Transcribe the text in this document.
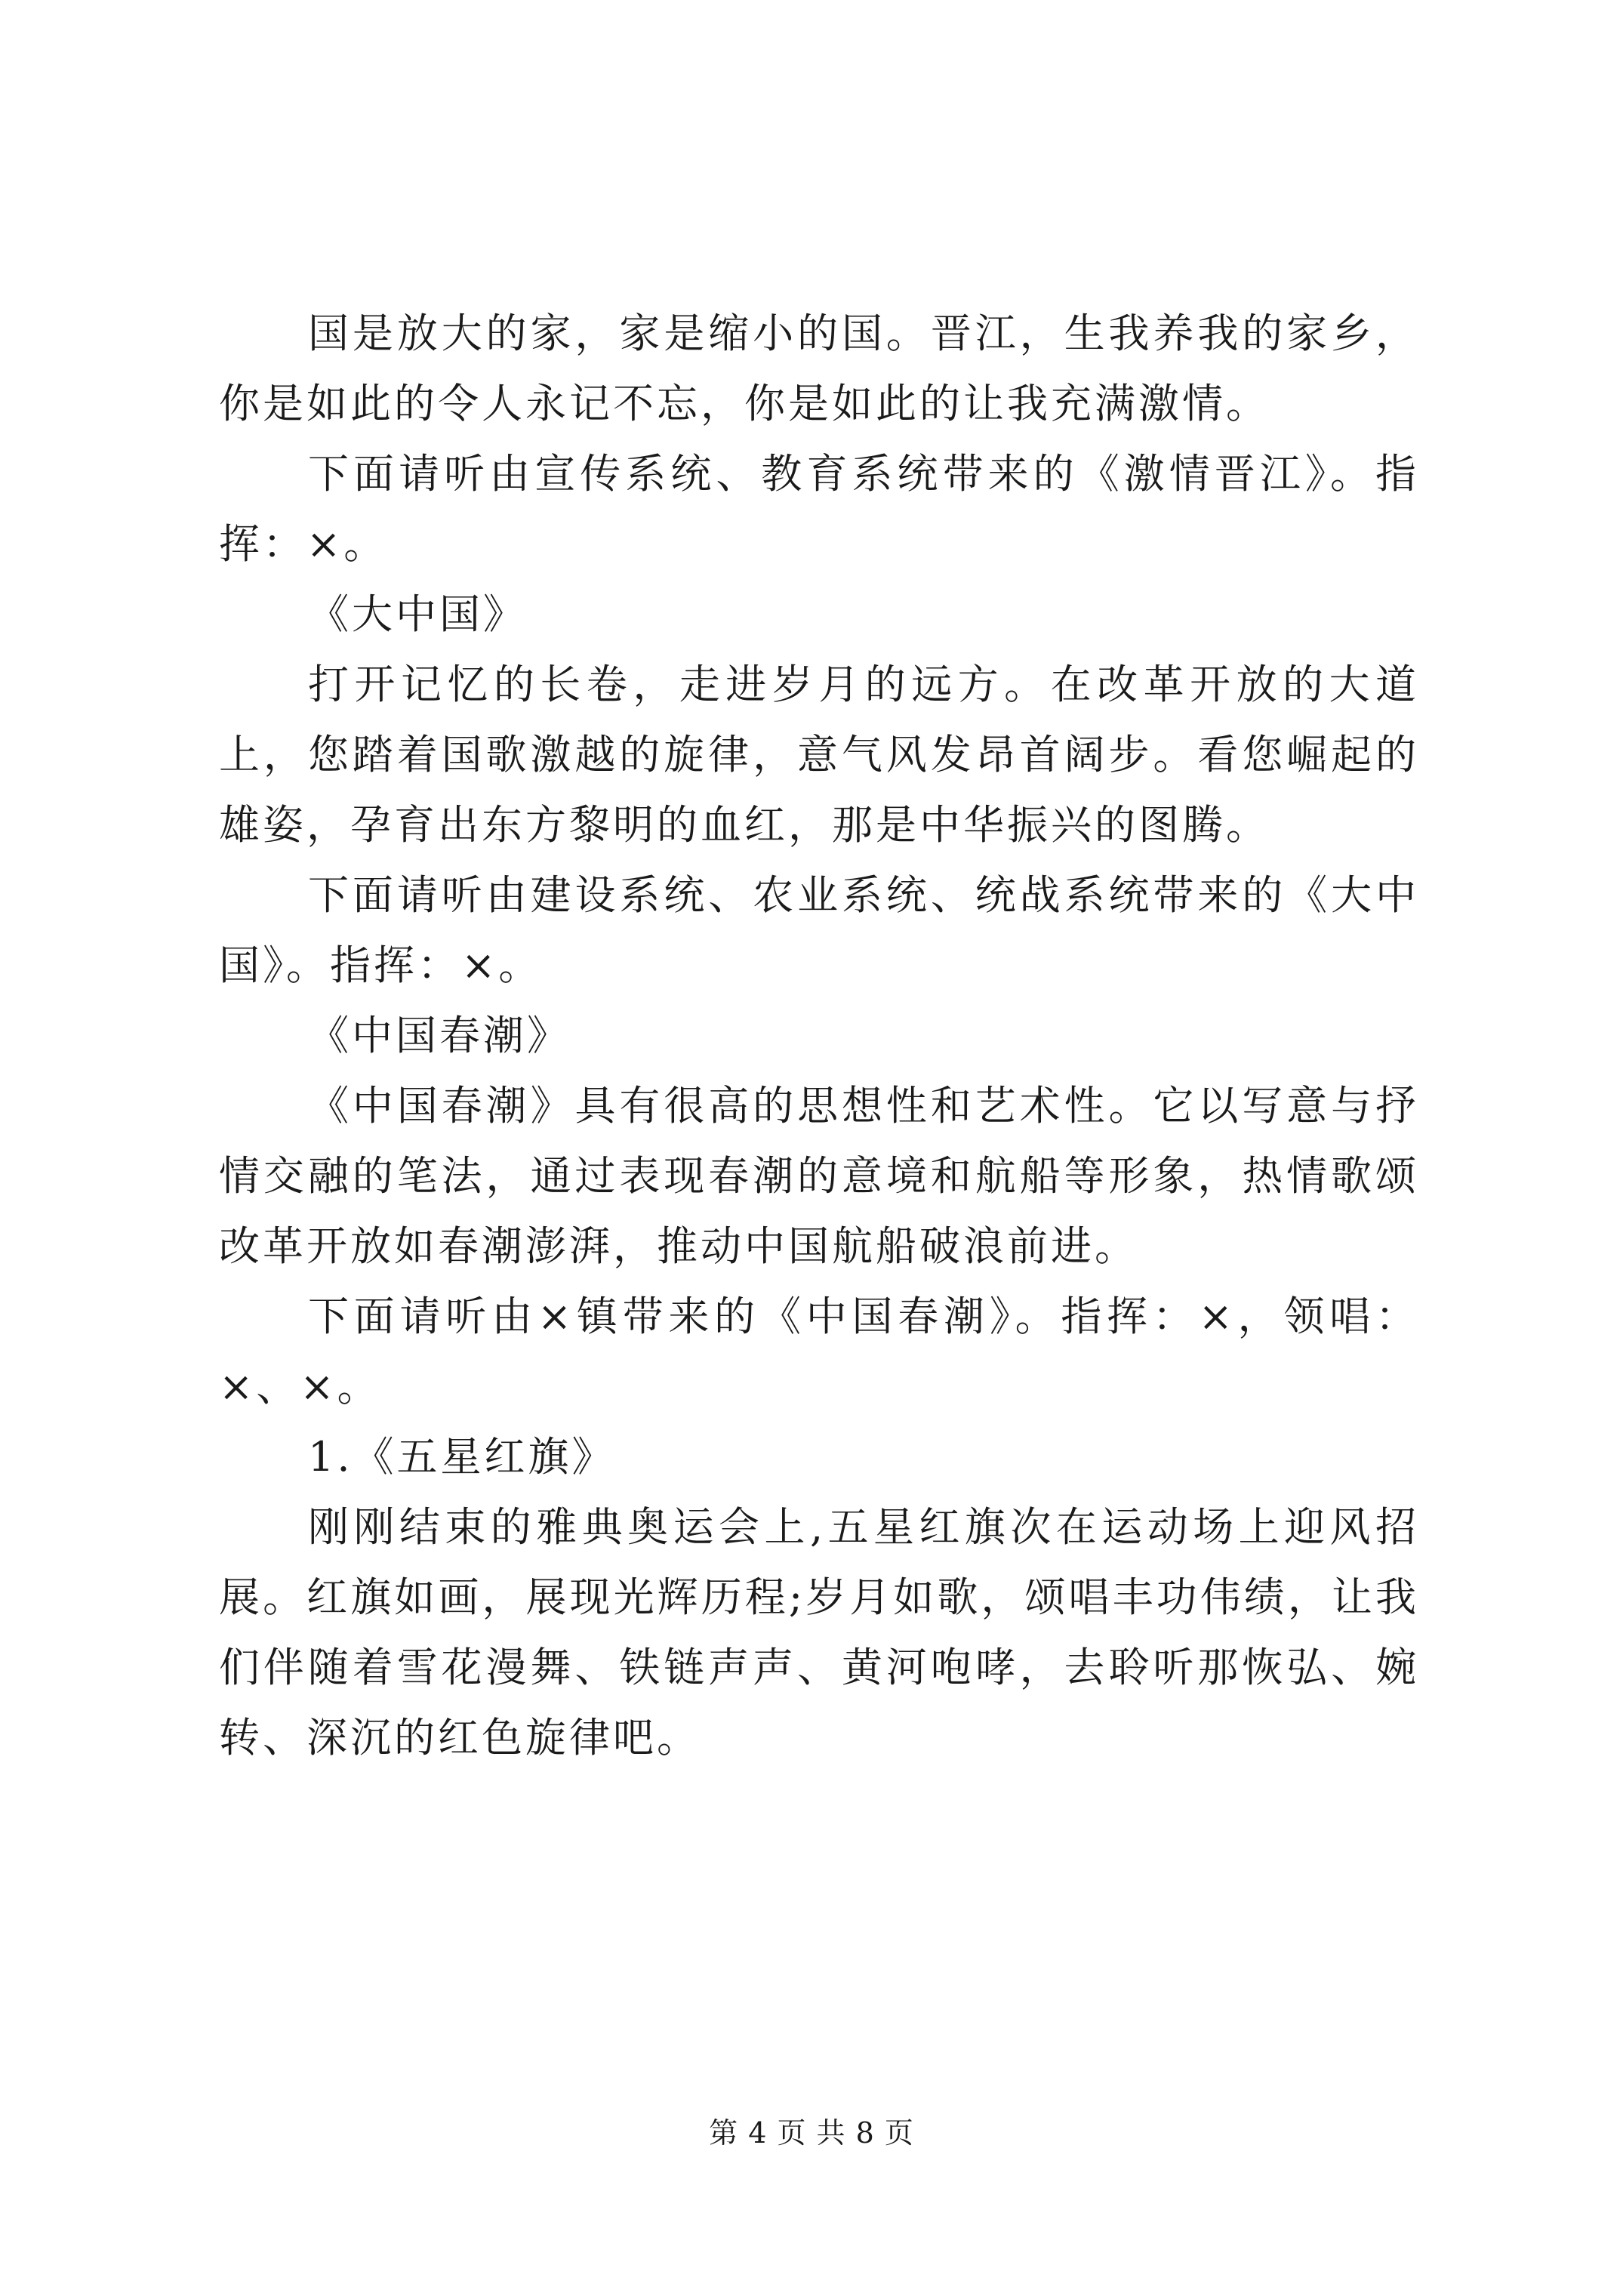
国是放大的家，家是缩小的国。晋江，生我养我的家乡，你是如此的令人永记不忘，你是如此的让我充满激情。

下面请听由宣传系统、教育系统带来的《激情晋江》。指挥：×。

《大中国》

打开记忆的长卷，走进岁月的远方。在改革开放的大道上，您踏着国歌激越的旋律，意气风发昂首阔步。看您崛起的雄姿，孕育出东方黎明的血红，那是中华振兴的图腾。

下面请听由建设系统、农业系统、统战系统带来的《大中国》。指挥：×。

《中国春潮》

《中国春潮》具有很高的思想性和艺术性。它以写意与抒情交融的笔法，通过表现春潮的意境和航船等形象，热情歌颂改革开放如春潮澎湃，推动中国航船破浪前进。

下面请听由×镇带来的《中国春潮》。指挥：×，领唱：×、×。

1.《五星红旗》

刚刚结束的雅典奥运会上,五星红旗次在运动场上迎风招展。红旗如画，展现光辉历程;岁月如歌，颂唱丰功伟绩，让我们伴随着雪花漫舞、铁链声声、黄河咆哮，去聆听那恢弘、婉转、深沉的红色旋律吧。

第 4 页 共 8 页
